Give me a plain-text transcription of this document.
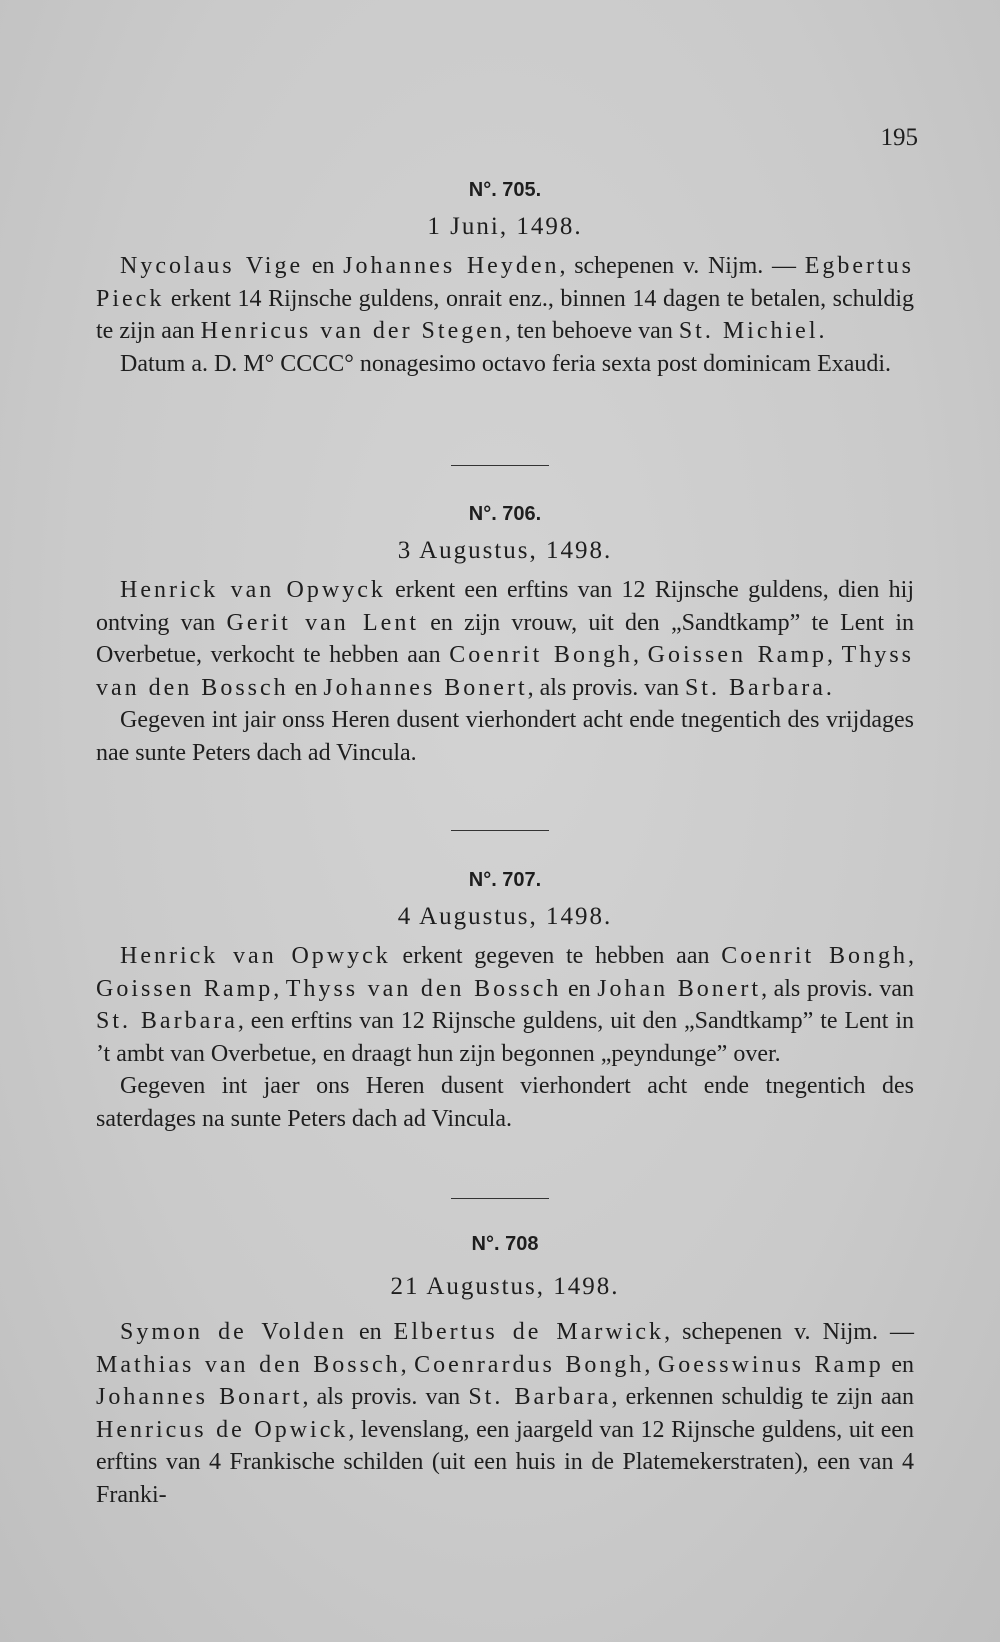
195
N°. 705.
1 Juni, 1498.

Nycolaus Vige en Johannes Heyden, schepenen v. Nijm. — Egbertus Pieck erkent 14 Rijnsche guldens, onrait enz., binnen 14 dagen te betalen, schuldig te zijn aan Henricus van der Stegen, ten behoeve van St. Michiel.

Datum a. D. M° CCCC° nonagesimo octavo feria sexta post dominicam Exaudi.

N°. 706.
3 Augustus, 1498.

Henrick van Opwyck erkent een erftins van 12 Rijnsche guldens, dien hij ontving van Gerit van Lent en zijn vrouw, uit den „Sandtkamp” te Lent in Overbetue, verkocht te hebben aan Coenrit Bongh, Goissen Ramp, Thyss van den Bossch en Johannes Bonert, als provis. van St. Barbara.

Gegeven int jair onss Heren dusent vierhondert acht ende tnegentich des vrijdages nae sunte Peters dach ad Vincula.

N°. 707.
4 Augustus, 1498.

Henrick van Opwyck erkent gegeven te hebben aan Coenrit Bongh, Goissen Ramp, Thyss van den Bossch en Johan Bonert, als provis. van St. Barbara, een erftins van 12 Rijnsche guldens, uit den „Sandtkamp” te Lent in ’t ambt van Overbetue, en draagt hun zijn begonnen „peyndunge” over.

Gegeven int jaer ons Heren dusent vierhondert acht ende tnegentich des saterdages na sunte Peters dach ad Vincula.

N°. 708
21 Augustus, 1498.

Symon de Volden en Elbertus de Marwick, schepenen v. Nijm. — Mathias van den Bossch, Coenrardus Bongh, Goesswinus Ramp en Johannes Bonart, als provis. van St. Barbara, erkennen schuldig te zijn aan Henricus de Opwick, levenslang, een jaargeld van 12 Rijnsche guldens, uit een erftins van 4 Frankische schilden (uit een huis in de Platemekerstraten), een van 4 Franki-
